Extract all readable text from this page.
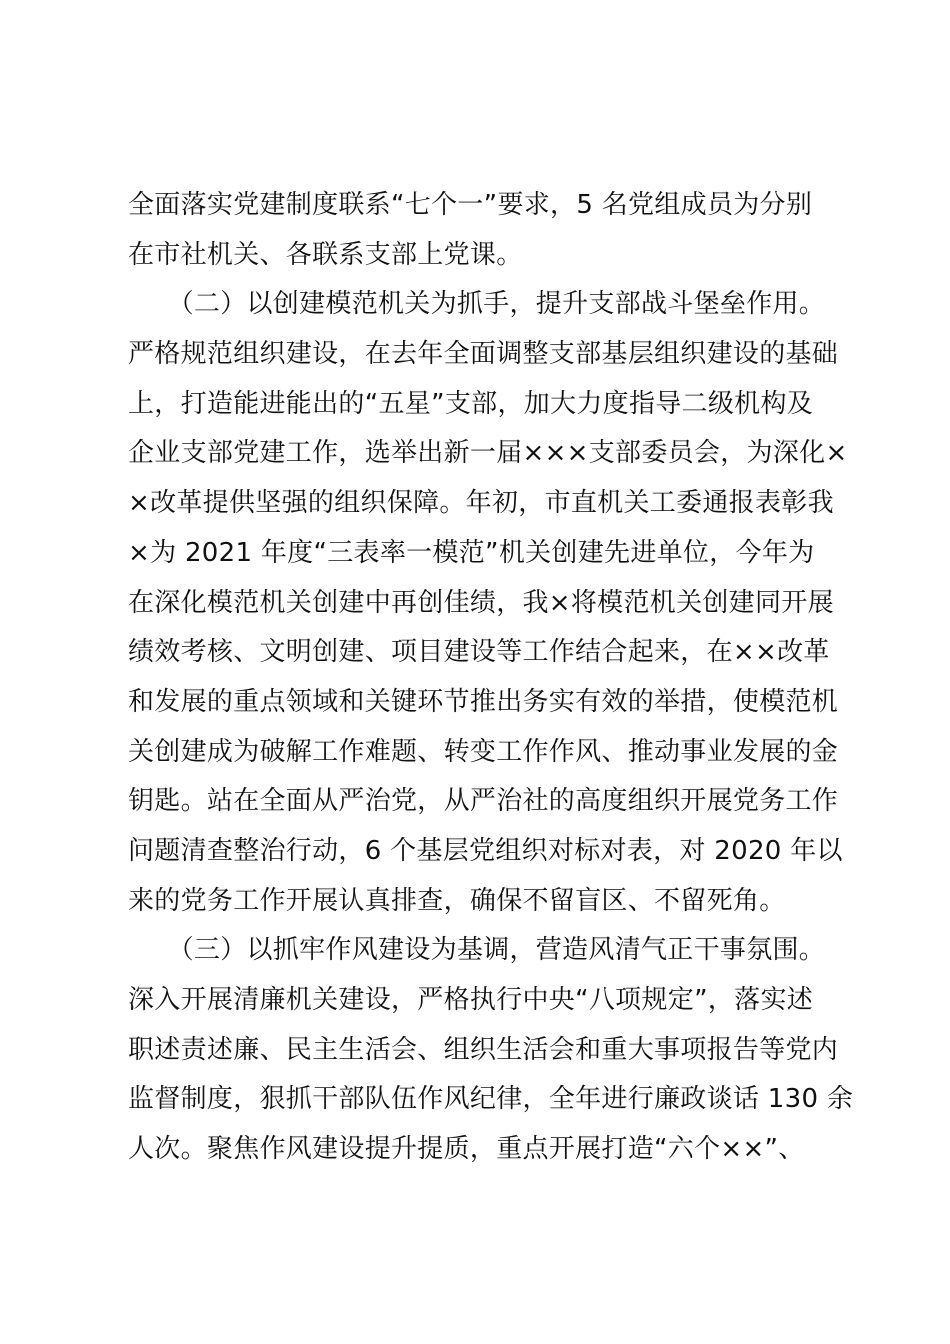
全面落实党建制度联系“七个一”要求，5 名党组成员为分别
在市社机关、各联系支部上党课。
　　（二）以创建模范机关为抓手，提升支部战斗堡垒作用。
严格规范组织建设，在去年全面调整支部基层组织建设的基础
上，打造能进能出的“五星”支部，加大力度指导二级机构及
企业支部党建工作，选举出新一届×××支部委员会，为深化×
×改革提供坚强的组织保障。年初，市直机关工委通报表彰我
×为 2021 年度“三表率一模范”机关创建先进单位，今年为
在深化模范机关创建中再创佳绩，我×将模范机关创建同开展
绩效考核、文明创建、项目建设等工作结合起来，在××改革
和发展的重点领域和关键环节推出务实有效的举措，使模范机
关创建成为破解工作难题、转变工作作风、推动事业发展的金
钥匙。站在全面从严治党，从严治社的高度组织开展党务工作
问题清查整治行动，6 个基层党组织对标对表，对 2020 年以
来的党务工作开展认真排查，确保不留盲区、不留死角。
　　（三）以抓牢作风建设为基调，营造风清气正干事氛围。
深入开展清廉机关建设，严格执行中央“八项规定”，落实述
职述责述廉、民主生活会、组织生活会和重大事项报告等党内
监督制度，狠抓干部队伍作风纪律，全年进行廉政谈话 130 余
人次。聚焦作风建设提升提质，重点开展打造“六个××”、
